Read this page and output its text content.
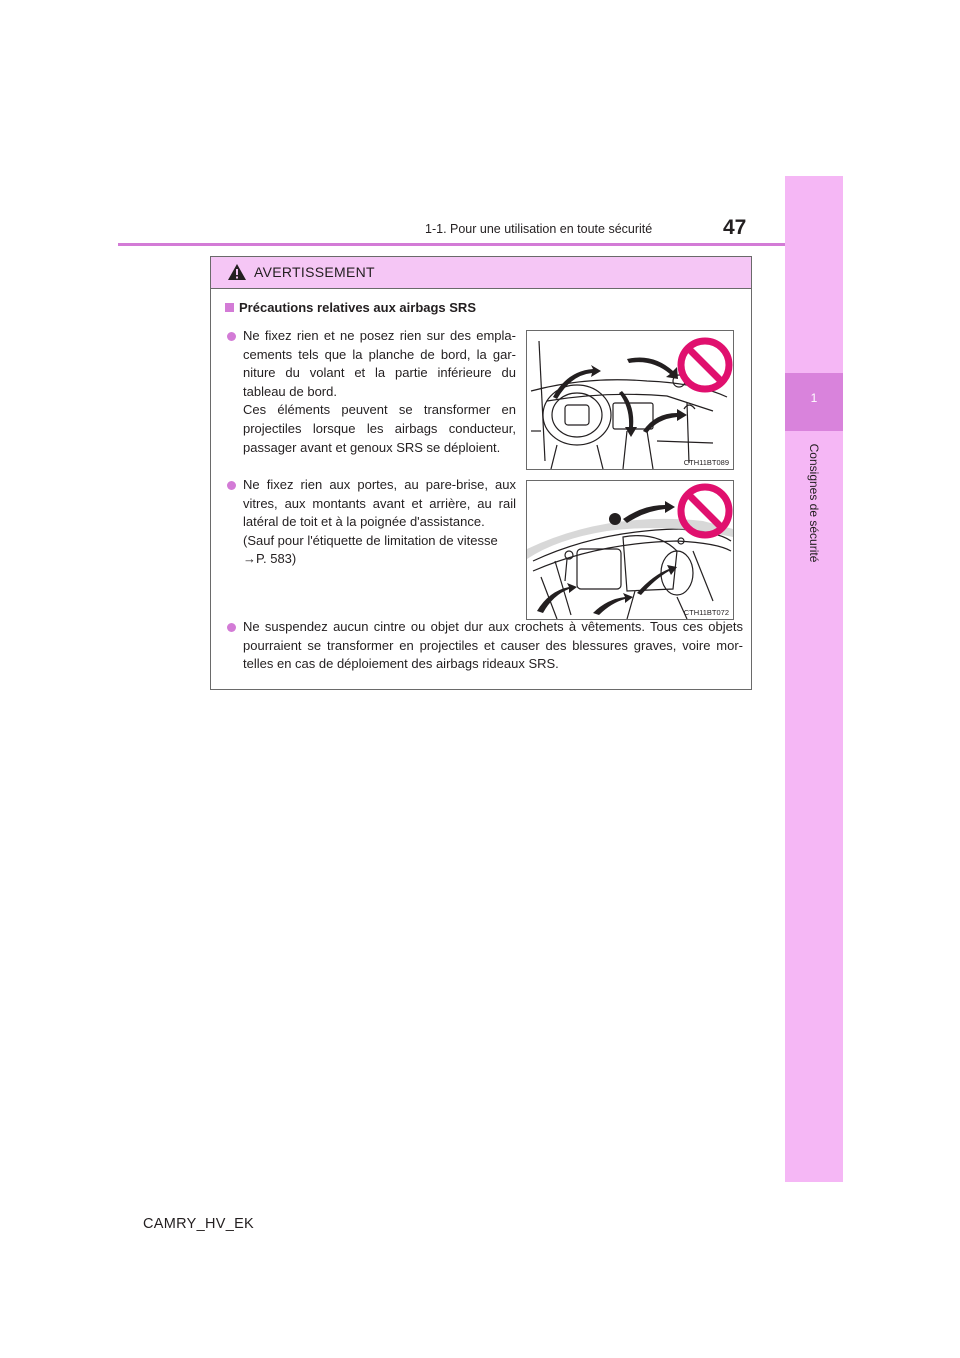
1-1. Pour une utilisation en toute sécurité	47
1
Consignes de sécurité
AVERTISSEMENT
Précautions relatives aux airbags SRS
Ne fixez rien et ne posez rien sur des empla-cements tels que la planche de bord, la gar-niture du volant et la partie inférieure du tableau de bord.
Ces éléments peuvent se transformer en projectiles lorsque les airbags conducteur, passager avant et genoux SRS se déploient.
CTH11BT089
Ne fixez rien aux portes, au pare-brise, aux vitres, aux montants avant et arrière, au rail latéral de toit et à la poignée d'assistance.
(Sauf pour l'étiquette de limitation de vitesse
→P. 583)
CTH11BT072
Ne suspendez aucun cintre ou objet dur aux crochets à vêtements. Tous ces objets pourraient se transformer en projectiles et causer des blessures graves, voire mor-telles en cas de déploiement des airbags rideaux SRS.
CAMRY_HV_EK
